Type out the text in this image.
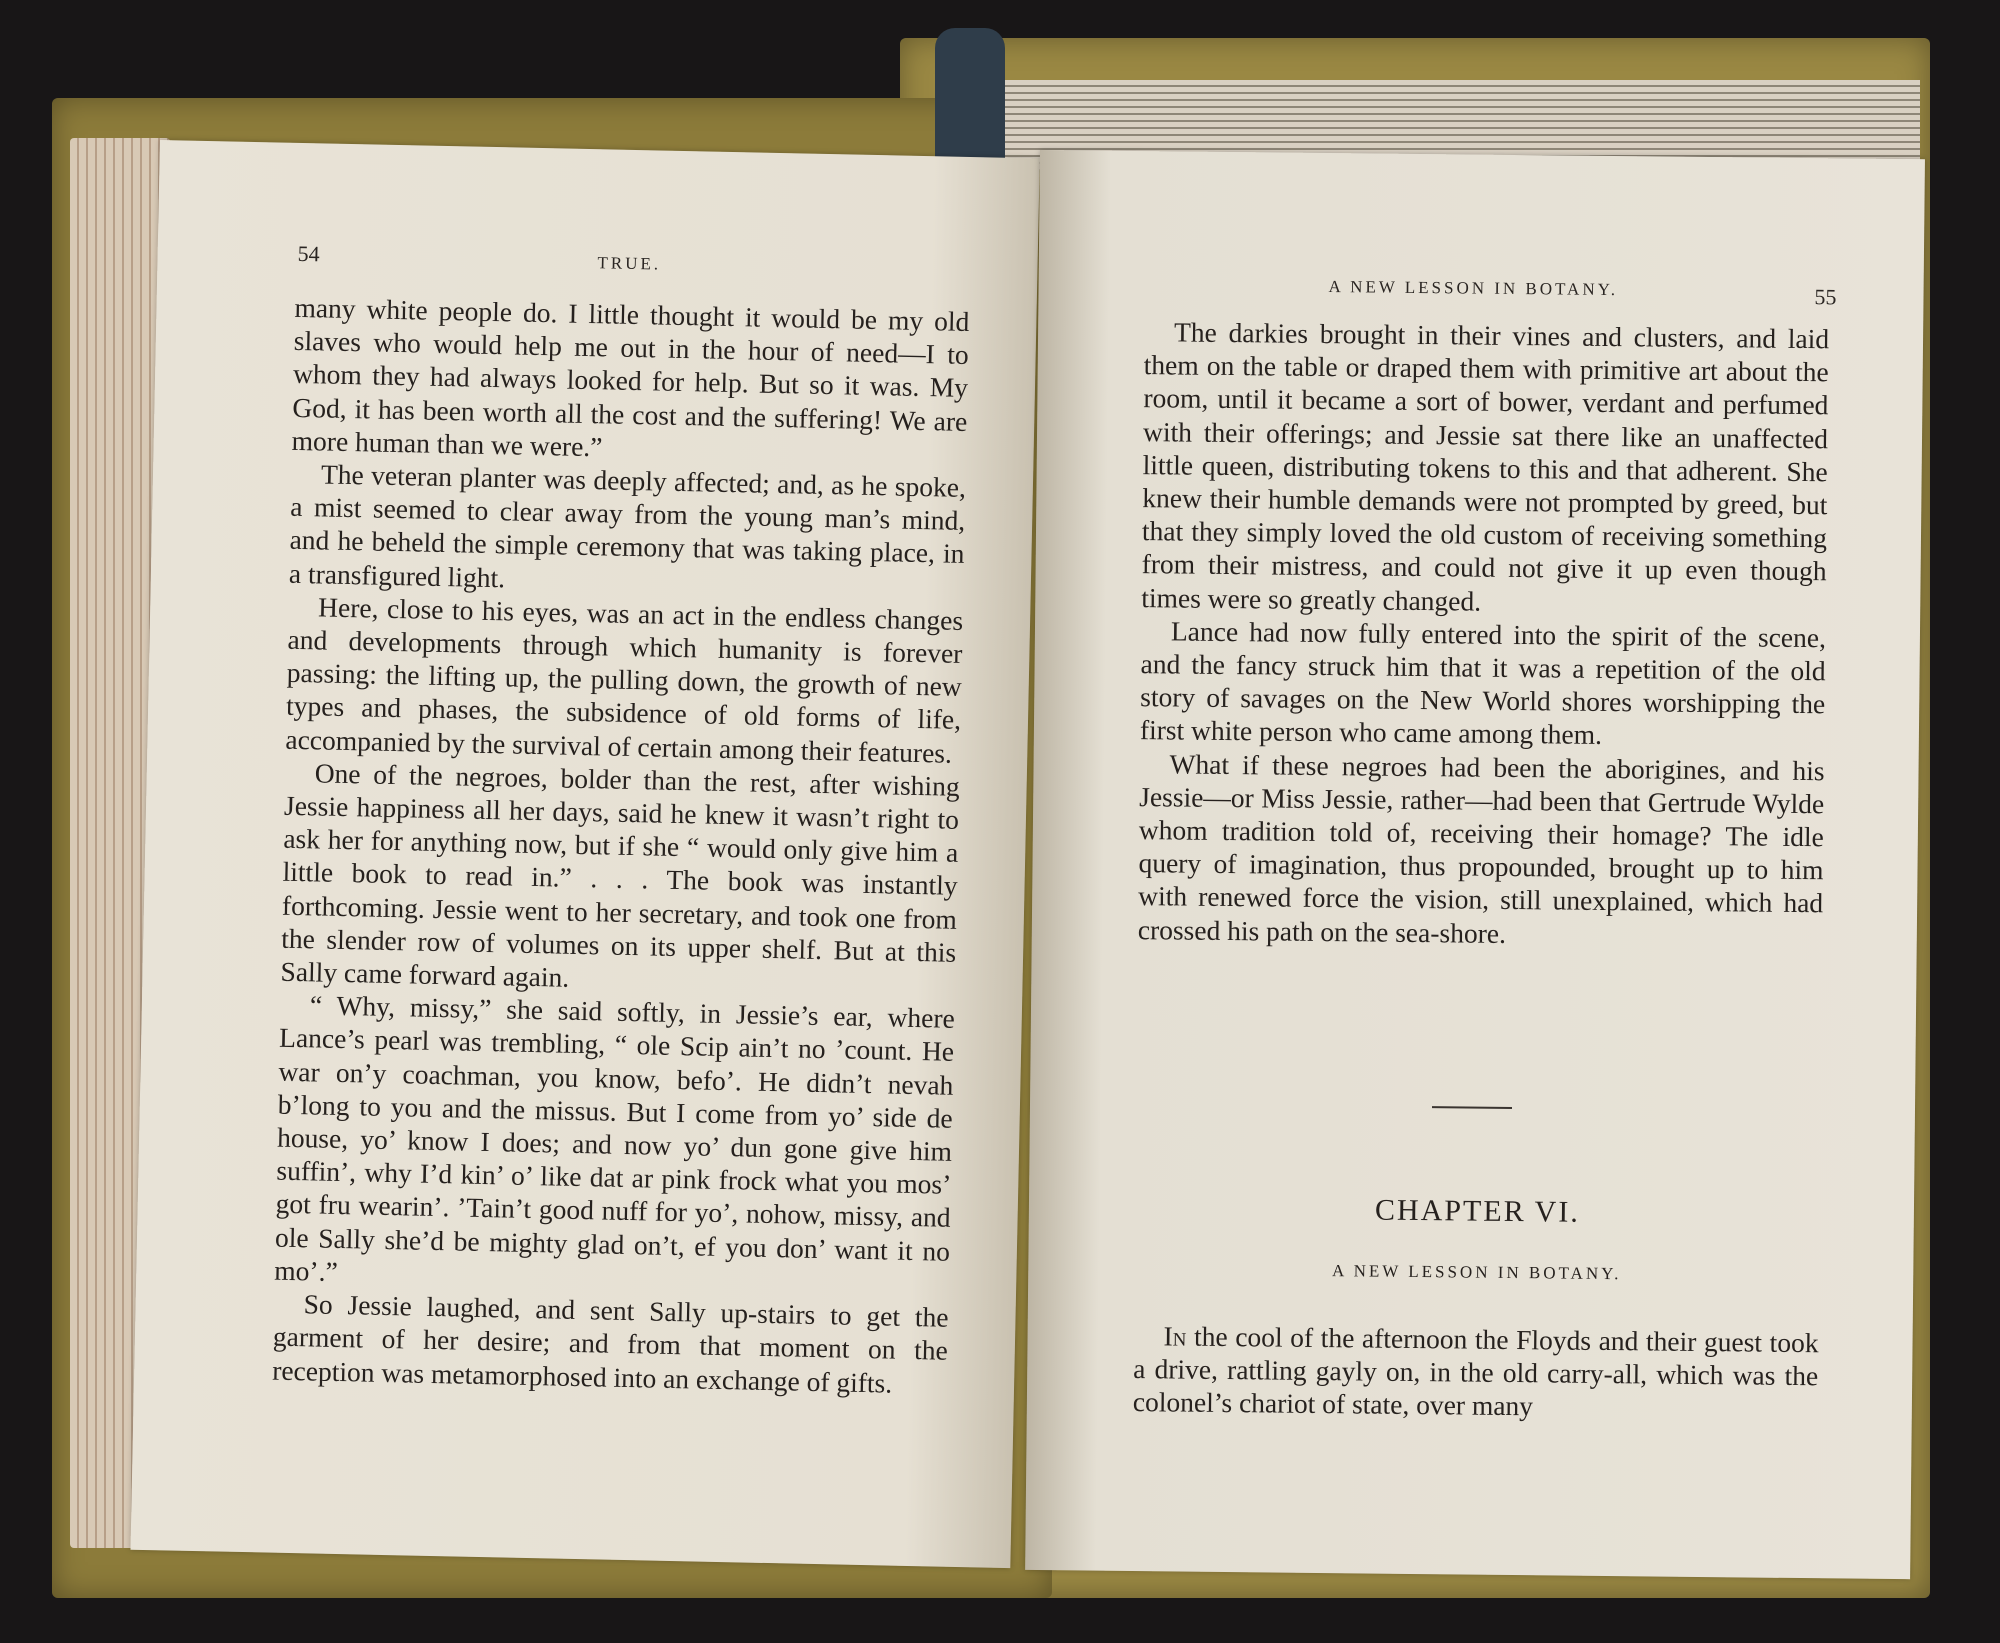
54	TRUE.

many white people do. I little thought it would be my old slaves who would help me out in the hour of need—I to whom they had always looked for help. But so it was. My God, it has been worth all the cost and the suffering! We are more human than we were.”

The veteran planter was deeply affected; and, as he spoke, a mist seemed to clear away from the young man’s mind, and he beheld the simple ceremony that was taking place, in a transfigured light.

Here, close to his eyes, was an act in the endless changes and developments through which humanity is forever passing: the lifting up, the pulling down, the growth of new types and phases, the subsidence of old forms of life, accompanied by the survival of certain among their features.

One of the negroes, bolder than the rest, after wishing Jessie happiness all her days, said he knew it wasn’t right to ask her for anything now, but if she “ would only give him a little book to read in.” . . . The book was instantly forthcoming. Jessie went to her secretary, and took one from the slender row of volumes on its upper shelf. But at this Sally came forward again.

“ Why, missy,” she said softly, in Jessie’s ear, where Lance’s pearl was trembling, “ ole Scip ain’t no ’count. He war on’y coachman, you know, befo’. He didn’t nevah b’long to you and the missus. But I come from yo’ side de house, yo’ know I does; and now yo’ dun gone give him suffin’, why I’d kin’ o’ like dat ar pink frock what you mos’ got fru wearin’. ’Tain’t good nuff for yo’, nohow, missy, and ole Sally she’d be mighty glad on’t, ef you don’ want it no mo’.”

So Jessie laughed, and sent Sally up-stairs to get the garment of her desire; and from that moment on the reception was metamorphosed into an exchange of gifts.

A NEW LESSON IN BOTANY.	55

The darkies brought in their vines and clusters, and laid them on the table or draped them with primitive art about the room, until it became a sort of bower, verdant and perfumed with their offerings; and Jessie sat there like an unaffected little queen, distributing tokens to this and that adherent. She knew their humble demands were not prompted by greed, but that they simply loved the old custom of receiving something from their mistress, and could not give it up even though times were so greatly changed.

Lance had now fully entered into the spirit of the scene, and the fancy struck him that it was a repetition of the old story of savages on the New World shores worshipping the first white person who came among them.

What if these negroes had been the aborigines, and his Jessie—or Miss Jessie, rather—had been that Gertrude Wylde whom tradition told of, receiving their homage? The idle query of imagination, thus propounded, brought up to him with renewed force the vision, still unexplained, which had crossed his path on the sea-shore.

CHAPTER VI.
A NEW LESSON IN BOTANY.

In the cool of the afternoon the Floyds and their guest took a drive, rattling gayly on, in the old carry-all, which was the colonel’s chariot of state, over many
